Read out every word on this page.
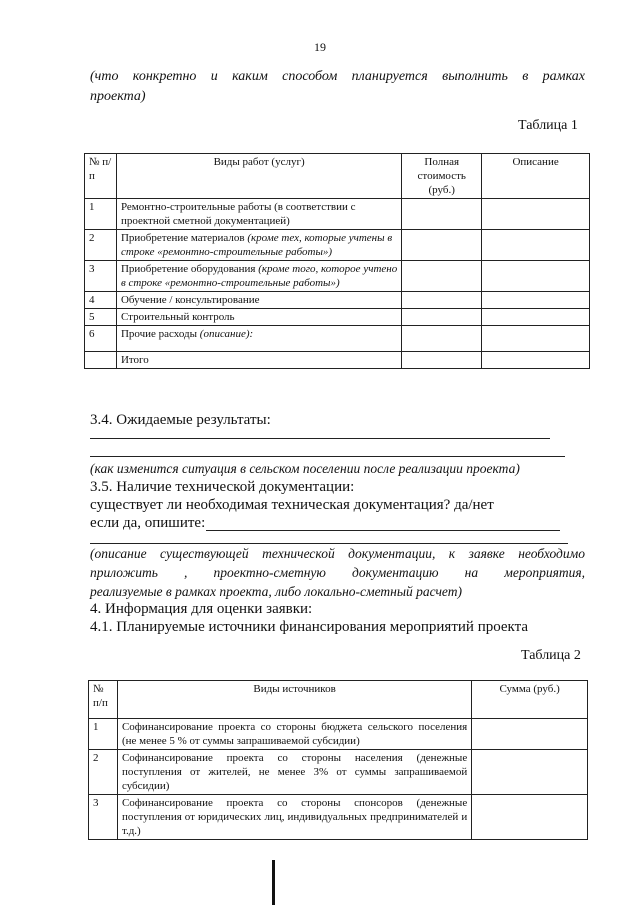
19
(что конкретно и каким способом планируется выполнить в рамках
проекта)
Таблица 1
№ п/п	Виды работ (услуг)	Полная стоимость (руб.)	Описание
1	Ремонтно-строительные работы (в соответствии с проектной сметной документацией)		
2	Приобретение материалов (кроме тех, которые учтены в строке «ремонтно-строительные работы»)		
3	Приобретение оборудования (кроме того, которое учтено в строке «ремонтно-строительные работы»)		
4	Обучение / консультирование		
5	Строительный контроль		
6	Прочие расходы (описание):		
	Итого		
3.4. Ожидаемые результаты:
(как изменится ситуация в сельском поселении после реализации проекта)
3.5. Наличие технической документации:
существует ли необходимая техническая документация? да/нет
если да, опишите:
(описание существующей технической документации, к заявке необходимо
приложить , проектно-сметную документацию на мероприятия,
реализуемые в рамках проекта, либо локально-сметный расчет)
4. Информация для оценки заявки:
4.1. Планируемые источники финансирования мероприятий проекта
Таблица 2
№ п/п	Виды источников	Сумма (руб.)
1	Софинансирование проекта со стороны бюджета сельского поселения (не менее 5 % от суммы запрашиваемой субсидии)	
2	Софинансирование проекта со стороны населения (денежные поступления от жителей, не менее 3% от суммы запрашиваемой субсидии)	
3	Софинансирование проекта со стороны спонсоров (денежные поступления от юридических лиц, индивидуальных предпринимателей и т.д.)	
